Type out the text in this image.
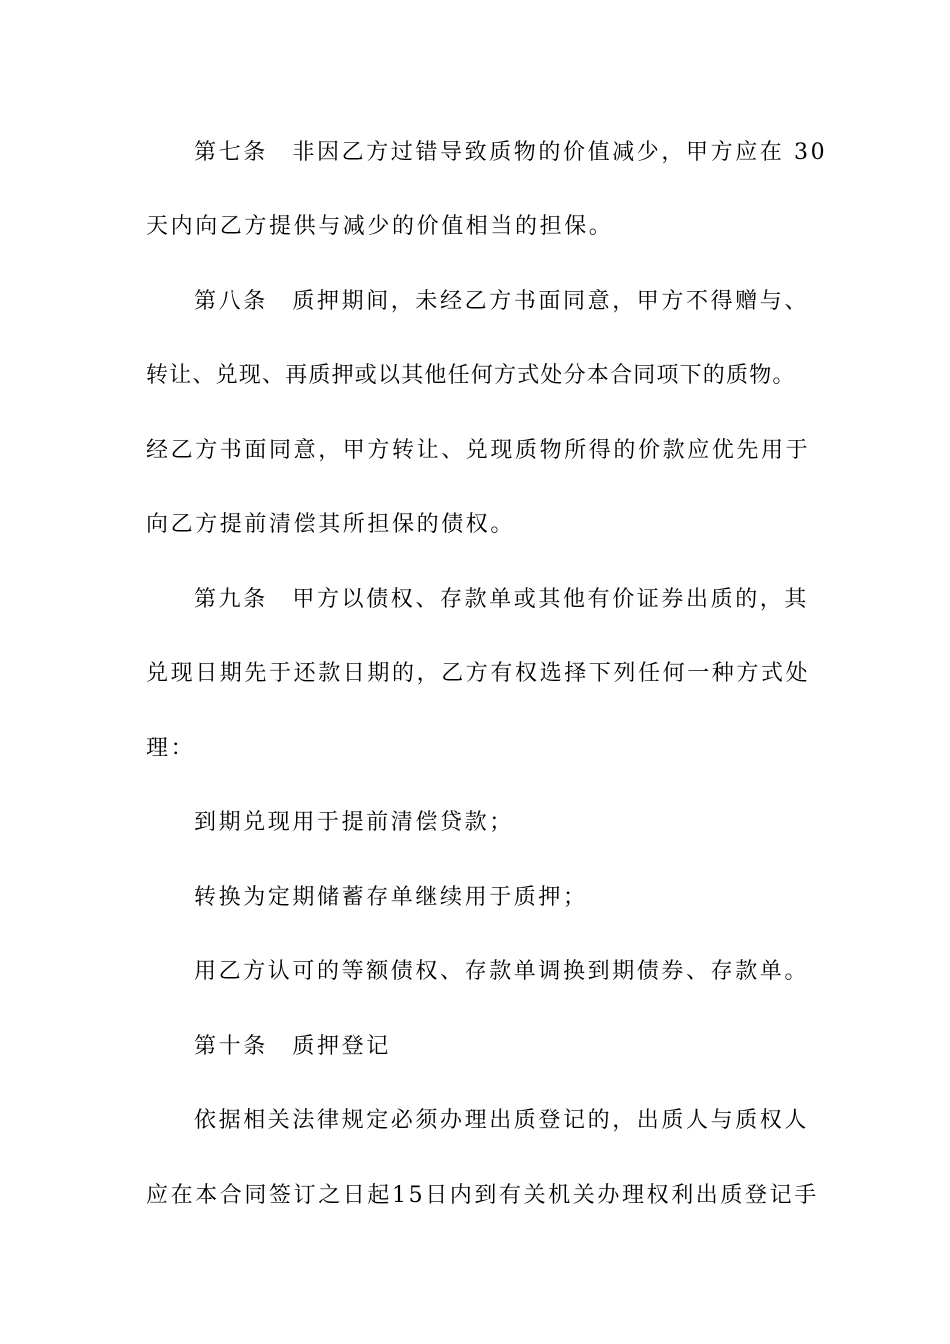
第七条　非因乙方过错导致质物的价值减少，甲方应在 30
天内向乙方提供与减少的价值相当的担保。
第八条　质押期间，未经乙方书面同意，甲方不得赠与、
转让、兑现、再质押或以其他任何方式处分本合同项下的质物。
经乙方书面同意，甲方转让、兑现质物所得的价款应优先用于
向乙方提前清偿其所担保的债权。
第九条　甲方以债权、存款单或其他有价证券出质的，其
兑现日期先于还款日期的，乙方有权选择下列任何一种方式处
理：
到期兑现用于提前清偿贷款；
转换为定期储蓄存单继续用于质押；
用乙方认可的等额债权、存款单调换到期债券、存款单。
第十条　质押登记
依据相关法律规定必须办理出质登记的，出质人与质权人
应在本合同签订之日起15日内到有关机关办理权利出质登记手
